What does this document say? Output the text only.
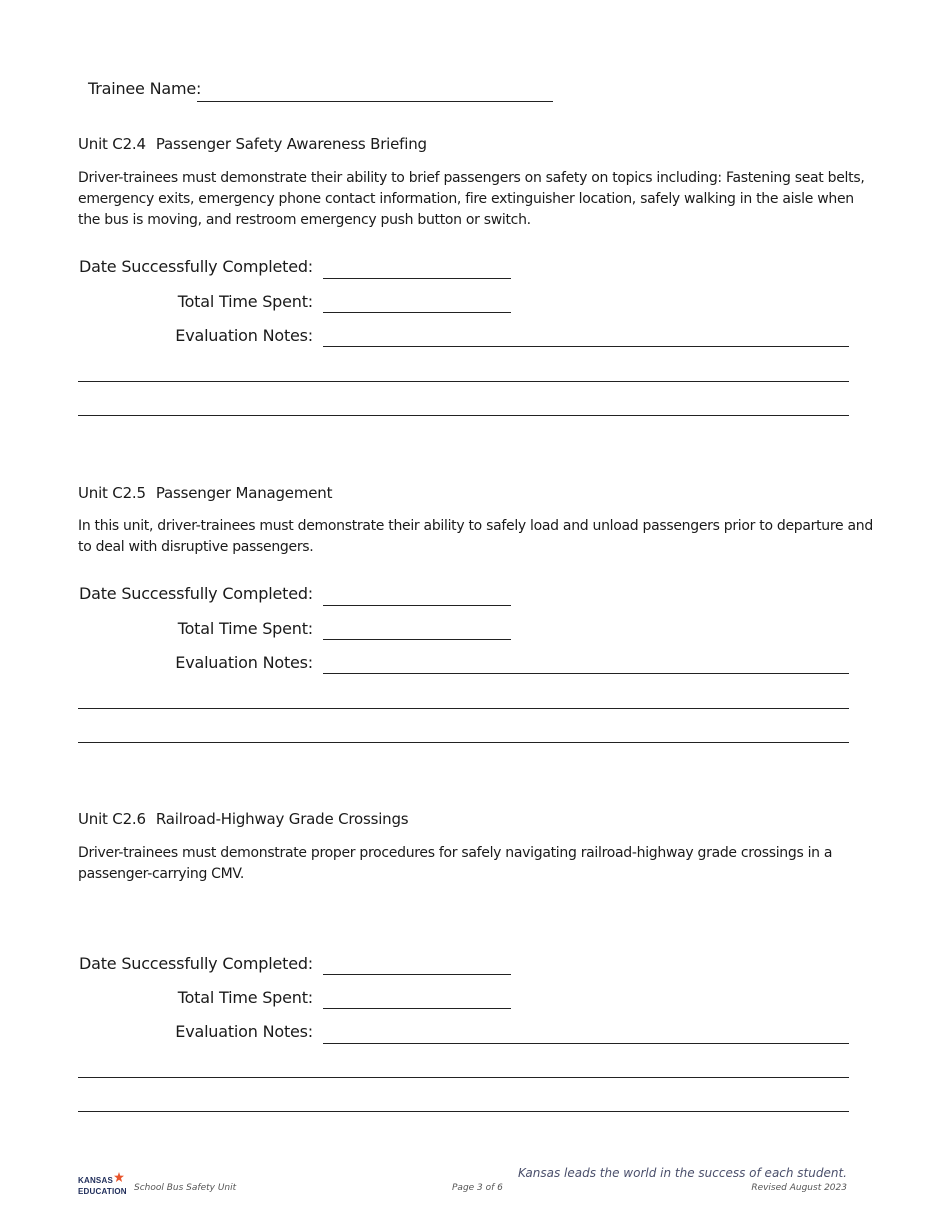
Trainee Name:
Unit C2.4 Passenger Safety Awareness Briefing
Driver-trainees must demonstrate their ability to brief passengers on safety on topics including: Fastening seat belts, emergency exits, emergency phone contact information, fire extinguisher location, safely walking in the aisle when the bus is moving, and restroom emergency push button or switch.
Date Successfully Completed:
Total Time Spent:
Evaluation Notes:
Unit C2.5 Passenger Management
In this unit, driver-trainees must demonstrate their ability to safely load and unload passengers prior to departure and to deal with disruptive passengers.
Date Successfully Completed:
Total Time Spent:
Evaluation Notes:
Unit C2.6 Railroad-Highway Grade Crossings
Driver-trainees must demonstrate proper procedures for safely navigating railroad-highway grade crossings in a passenger-carrying CMV.
Date Successfully Completed:
Total Time Spent:
Evaluation Notes:
KANSAS
EDUCATION School Bus Safety Unit	Page 3 of 6
Kansas leads the world in the success of each student.
Revised August 2023
